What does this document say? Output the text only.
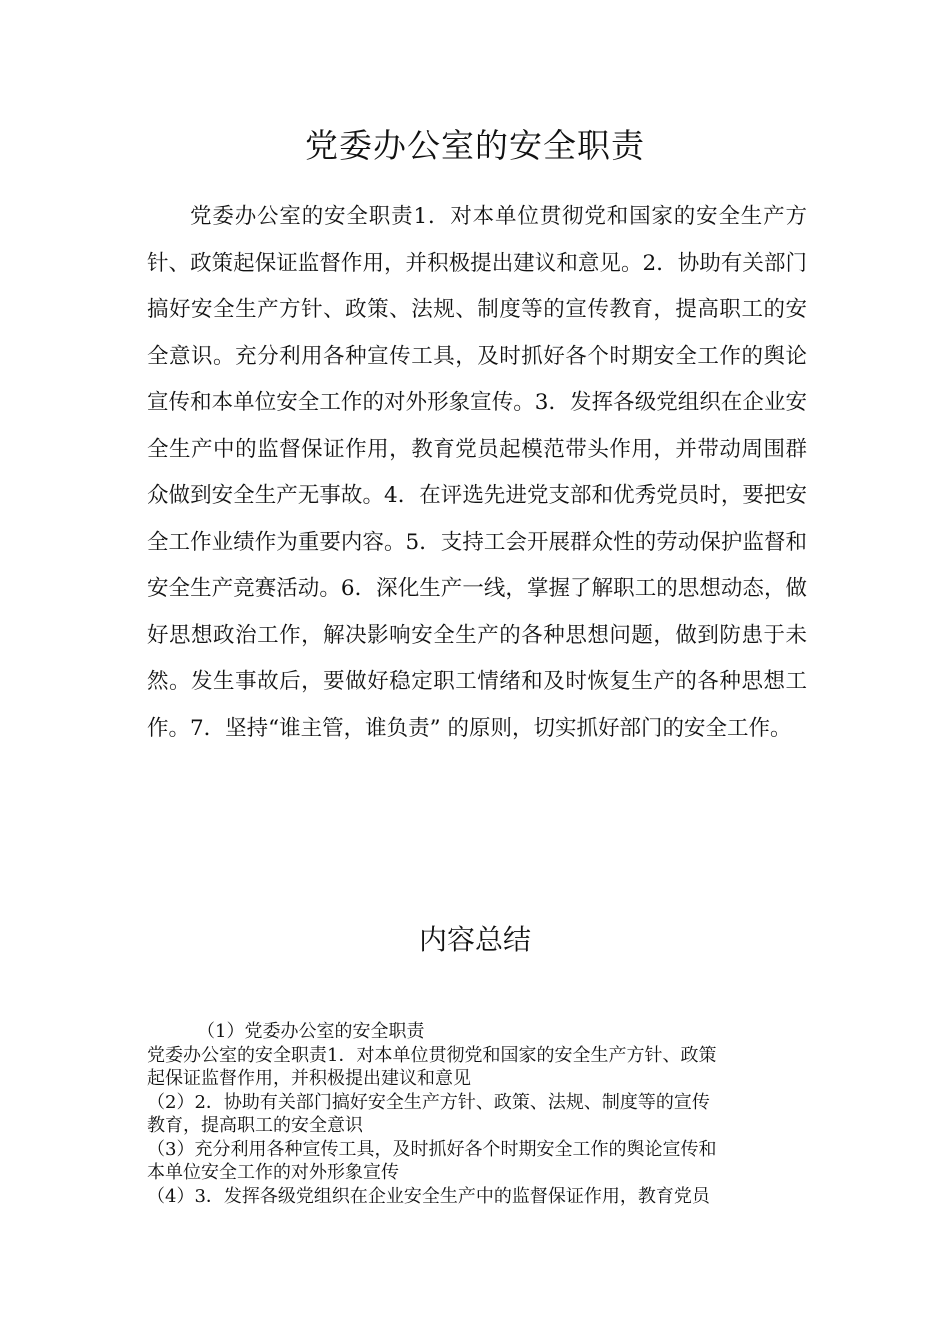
党委办公室的安全职责

党委办公室的安全职责1．对本单位贯彻党和国家的安全生产方针、政策起保证监督作用，并积极提出建议和意见。2．协助有关部门搞好安全生产方针、政策、法规、制度等的宣传教育，提高职工的安全意识。充分利用各种宣传工具，及时抓好各个时期安全工作的舆论宣传和本单位安全工作的对外形象宣传。3．发挥各级党组织在企业安全生产中的监督保证作用，教育党员起模范带头作用，并带动周围群众做到安全生产无事故。4．在评选先进党支部和优秀党员时，要把安全工作业绩作为重要内容。5．支持工会开展群众性的劳动保护监督和安全生产竞赛活动。6．深化生产一线，掌握了解职工的思想动态，做好思想政治工作，解决影响安全生产的各种思想问题，做到防患于未然。发生事故后，要做好稳定职工情绪和及时恢复生产的各种思想工作。7．坚持“谁主管，谁负责” 的原则，切实抓好部门的安全工作。

内容总结
（1）党委办公室的安全职责
党委办公室的安全职责1．对本单位贯彻党和国家的安全生产方针、政策
起保证监督作用，并积极提出建议和意见
（2）2．协助有关部门搞好安全生产方针、政策、法规、制度等的宣传
教育，提高职工的安全意识
（3）充分利用各种宣传工具，及时抓好各个时期安全工作的舆论宣传和
本单位安全工作的对外形象宣传
（4）3．发挥各级党组织在企业安全生产中的监督保证作用，教育党员
